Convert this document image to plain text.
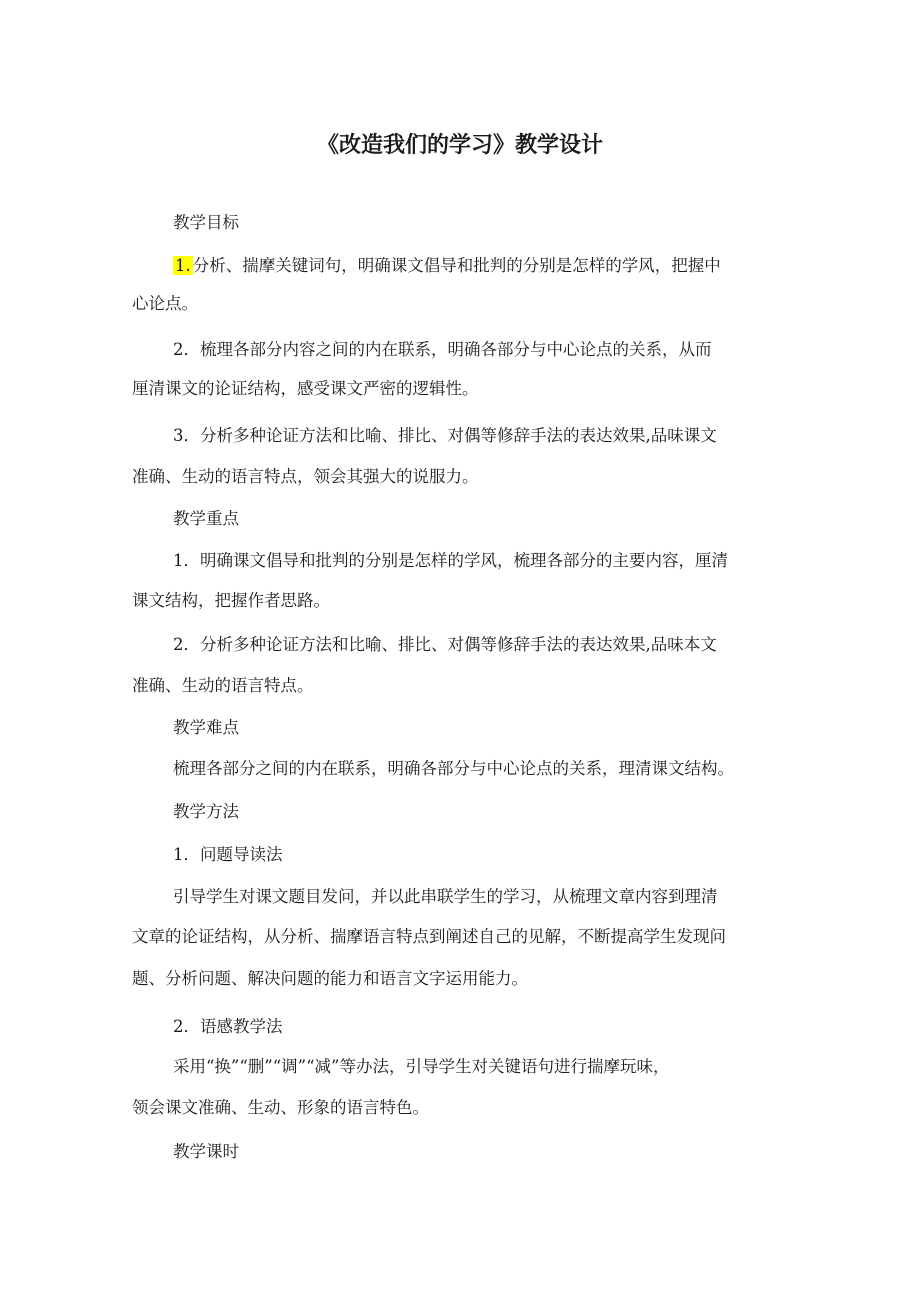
《改造我们的学习》教学设计
教学目标
1. 分析、揣摩关键词句，明确课文倡导和批判的分别是怎样的学风，把握中
心论点。
2．梳理各部分内容之间的内在联系，明确各部分与中心论点的关系，从而
厘清课文的论证结构，感受课文严密的逻辑性。
3．分析多种论证方法和比喻、排比、对偶等修辞手法的表达效果,品味课文
准确、生动的语言特点，领会其强大的说服力。
教学重点
1．明确课文倡导和批判的分别是怎样的学风，梳理各部分的主要内容，厘清
课文结构，把握作者思路。
2．分析多种论证方法和比喻、排比、对偶等修辞手法的表达效果,品味本文
准确、生动的语言特点。
教学难点
梳理各部分之间的内在联系，明确各部分与中心论点的关系，理清课文结构。
教学方法
1．问题导读法
引导学生对课文题目发问，并以此串联学生的学习，从梳理文章内容到理清
文章的论证结构，从分析、揣摩语言特点到阐述自己的见解，不断提高学生发现问
题、分析问题、解决问题的能力和语言文字运用能力。
2．语感教学法
采用“换”“删”“调”“减”等办法，引导学生对关键语句进行揣摩玩味，
领会课文准确、生动、形象的语言特色。
教学课时
